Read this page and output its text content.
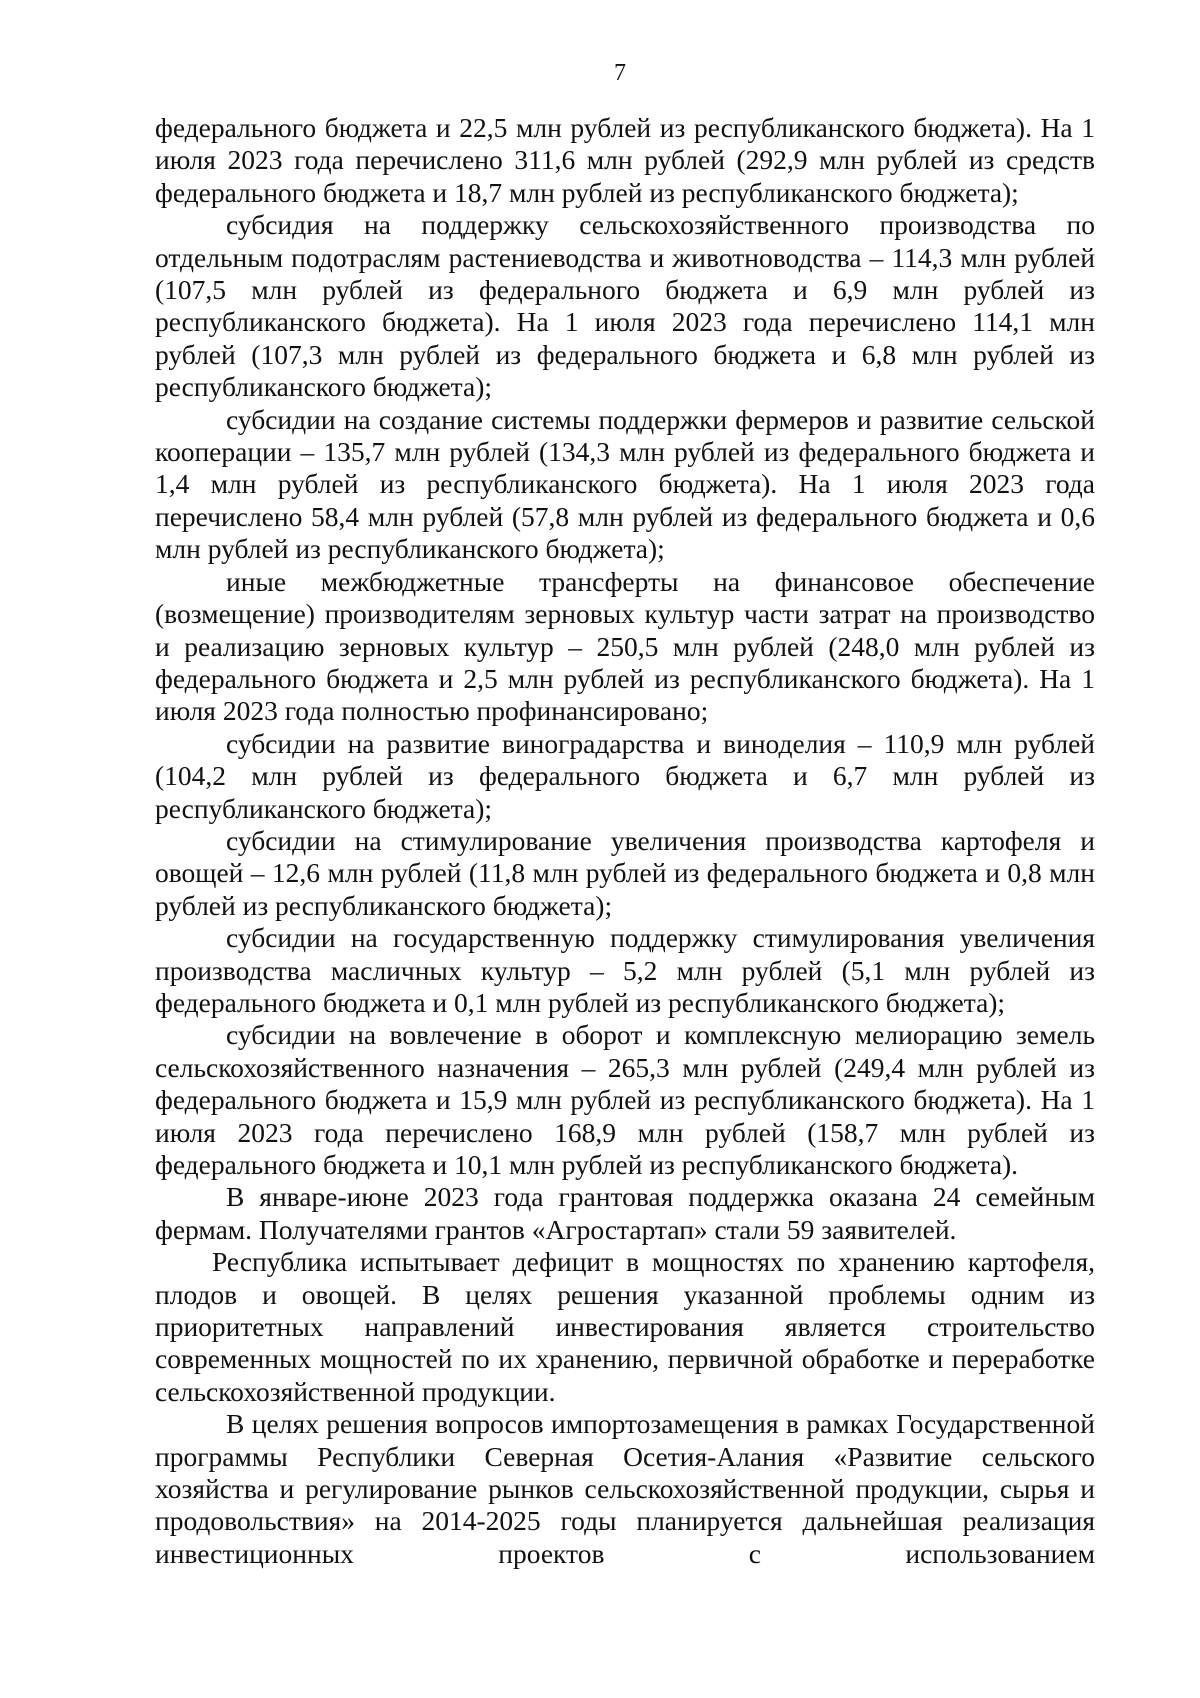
7

федерального бюджета и 22,5 млн рублей из республиканского бюджета). На 1 июля 2023 года перечислено 311,6 млн рублей (292,9 млн рублей из средств федерального бюджета и 18,7 млн рублей из республиканского бюджета);

субсидия на поддержку сельскохозяйственного производства по отдельным подотраслям растениеводства и животноводства – 114,3 млн рублей (107,5 млн рублей из федерального бюджета и 6,9 млн рублей из республиканского бюджета). На 1 июля 2023 года перечислено 114,1 млн рублей (107,3 млн рублей из федерального бюджета и 6,8 млн рублей из республиканского бюджета);

субсидии на создание системы поддержки фермеров и развитие сельской кооперации – 135,7 млн рублей (134,3 млн рублей из федерального бюджета и 1,4 млн рублей из республиканского бюджета). На 1 июля 2023 года перечислено 58,4 млн рублей (57,8 млн рублей из федерального бюджета и 0,6 млн рублей из республиканского бюджета);

иные межбюджетные трансферты на финансовое обеспечение (возмещение) производителям зерновых культур части затрат на производство и реализацию зерновых культур – 250,5 млн рублей (248,0 млн рублей из федерального бюджета и 2,5 млн рублей из республиканского бюджета). На 1 июля 2023 года полностью профинансировано;

субсидии на развитие виноградарства и виноделия – 110,9 млн рублей (104,2 млн рублей из федерального бюджета и 6,7 млн рублей из республиканского бюджета);

субсидии на стимулирование увеличения производства картофеля и овощей – 12,6 млн рублей (11,8 млн рублей из федерального бюджета и 0,8 млн рублей из республиканского бюджета);

субсидии на государственную поддержку стимулирования увеличения производства масличных культур – 5,2 млн рублей (5,1 млн рублей из федерального бюджета и 0,1 млн рублей из республиканского бюджета);

субсидии на вовлечение в оборот и комплексную мелиорацию земель сельскохозяйственного назначения – 265,3 млн рублей (249,4 млн рублей из федерального бюджета и 15,9 млн рублей из республиканского бюджета). На 1 июля 2023 года перечислено 168,9 млн рублей (158,7 млн рублей из федерального бюджета и 10,1 млн рублей из республиканского бюджета).

В январе-июне 2023 года грантовая поддержка оказана 24 семейным фермам. Получателями грантов «Агростартап» стали 59 заявителей.

Республика испытывает дефицит в мощностях по хранению картофеля, плодов и овощей. В целях решения указанной проблемы одним из приоритетных направлений инвестирования является строительство современных мощностей по их хранению, первичной обработке и переработке сельскохозяйственной продукции.

В целях решения вопросов импортозамещения в рамках Государственной программы Республики Северная Осетия-Алания «Развитие сельского хозяйства и регулирование рынков сельскохозяйственной продукции, сырья и продовольствия» на 2014-2025 годы планируется дальнейшая реализация инвестиционных проектов с использованием
